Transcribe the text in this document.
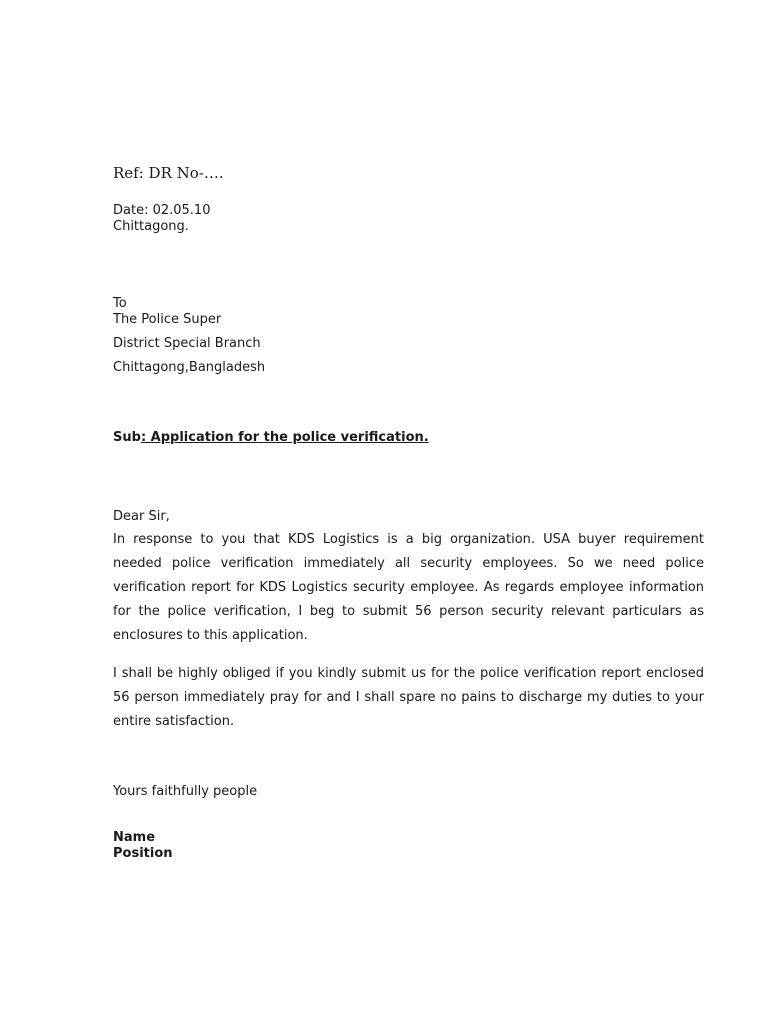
Ref: DR No-….

Date: 02.05.10
Chittagong.
To
The Police Super
District Special Branch
Chittagong,Bangladesh

Sub: Application for the police verification.

Dear Sir,

In response to you that KDS Logistics is a big organization. USA buyer requirement needed police verification immediately all security employees. So we need police verification report for KDS Logistics security employee. As regards employee information for the police verification, I beg to submit 56 person security relevant particulars as enclosures to this application.

I shall be highly obliged if you kindly submit us for the police verification report enclosed 56 person immediately pray for and I shall spare no pains to discharge my duties to your entire satisfaction.

Yours faithfully people

Name
Position
